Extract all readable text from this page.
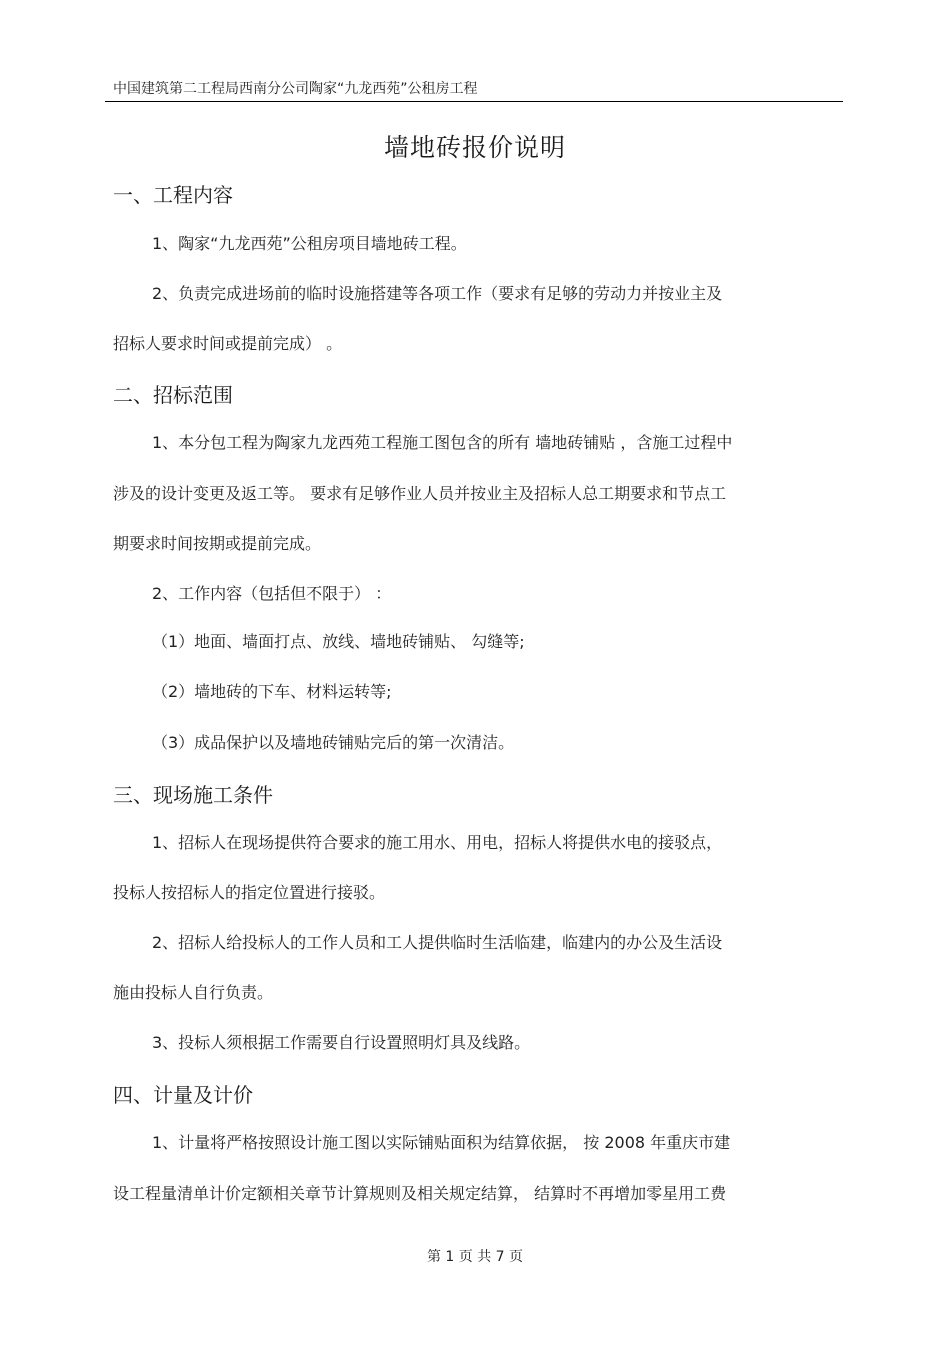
中国建筑第二工程局西南分公司陶家“九龙西苑”公租房工程
墙地砖报价说明
一、工程内容
1、陶家“九龙西苑”公租房项目墙地砖工程。
2、负责完成进场前的临时设施搭建等各项工作（要求有足够的劳动力并按业主及
招标人要求时间或提前完成） 。
二、招标范围
1、本分包工程为陶家九龙西苑工程施工图包含的所有 墙地砖铺贴 ，含施工过程中
涉及的设计变更及返工等。 要求有足够作业人员并按业主及招标人总工期要求和节点工
期要求时间按期或提前完成。
2、工作内容（包括但不限于） ：
（1）地面、墙面打点、放线、墙地砖铺贴、 勾缝等;
（2）墙地砖的下车、材料运转等;
（3）成品保护以及墙地砖铺贴完后的第一次清洁。
三、现场施工条件
1、招标人在现场提供符合要求的施工用水、用电，招标人将提供水电的接驳点，
投标人按招标人的指定位置进行接驳。
2、招标人给投标人的工作人员和工人提供临时生活临建，临建内的办公及生活设
施由投标人自行负责。
3、投标人须根据工作需要自行设置照明灯具及线路。
四、计量及计价
1、计量将严格按照设计施工图以实际铺贴面积为结算依据， 按 2008 年重庆市建
设工程量清单计价定额相关章节计算规则及相关规定结算， 结算时不再增加零星用工费
第 1 页 共 7 页
